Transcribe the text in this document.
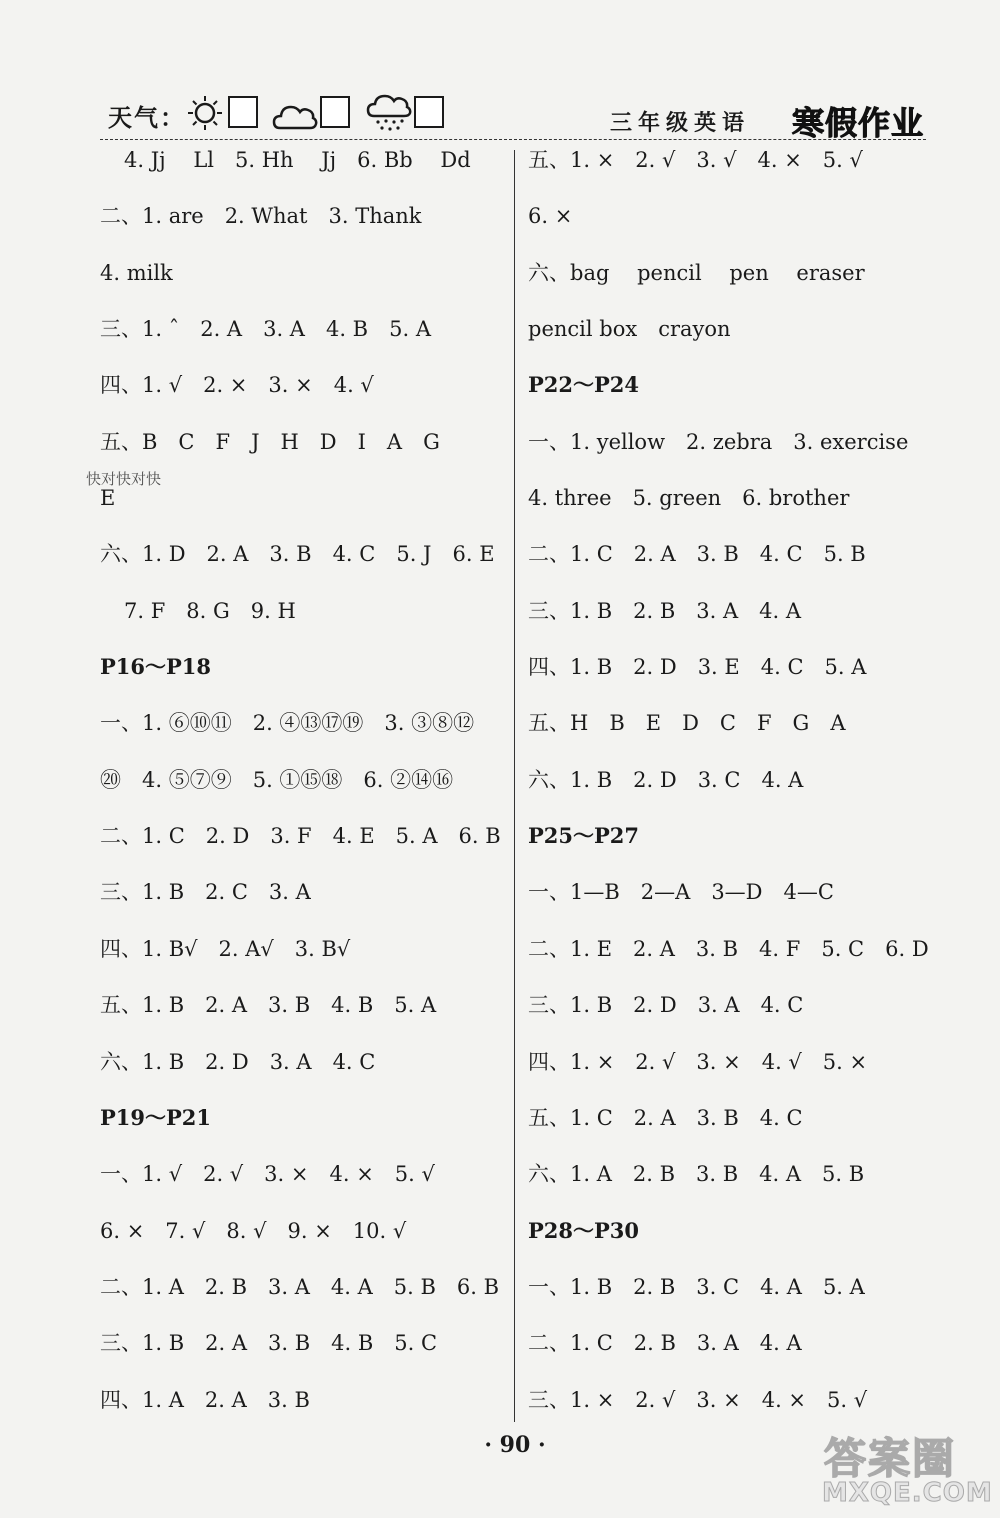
天气：	三年级英语 寒假作业
4. Jj　 Ll　5. Hh　 Jj　6. Bb　 Dd
二、1. are　2. What　3. Thank
4. milk
三、1. ˆ　2. A　3. A　4. B　5. A
四、1. √　2. ×　3. ×　4. √
五、B　C　F　J　H　D　I　A　G
E
六、1. D　2. A　3. B　4. C　5. J　6. E
7. F　8. G　9. H
P16～P18
一、1. ⑥⑩⑪　2. ④⑬⑰⑲　3. ③⑧⑫
⑳　4. ⑤⑦⑨　5. ①⑮⑱　6. ②⑭⑯
二、1. C　2. D　3. F　4. E　5. A　6. B
三、1. B　2. C　3. A
四、1. B√　2. A√　3. B√
五、1. B　2. A　3. B　4. B　5. A
六、1. B　2. D　3. A　4. C
P19～P21
一、1. √　2. √　3. ×　4. ×　5. √
6. ×　7. √　8. √　9. ×　10. √
二、1. A　2. B　3. A　4. A　5. B　6. B
三、1. B　2. A　3. B　4. B　5. C
四、1. A　2. A　3. B
快对快对快
五、1. ×　2. √　3. √　4. ×　5. √
6. ×
六、bag　 pencil　 pen　 eraser
pencil box　crayon
P22～P24
一、1. yellow　2. zebra　3. exercise
4. three　5. green　6. brother
二、1. C　2. A　3. B　4. C　5. B
三、1. B　2. B　3. A　4. A
四、1. B　2. D　3. E　4. C　5. A
五、H　B　E　D　C　F　G　A
六、1. B　2. D　3. C　4. A
P25～P27
一、1—B　2—A　3—D　4—C
二、1. E　2. A　3. B　4. F　5. C　6. D
三、1. B　2. D　3. A　4. C
四、1. ×　2. √　3. ×　4. √　5. ×
五、1. C　2. A　3. B　4. C
六、1. A　2. B　3. B　4. A　5. B
P28～P30
一、1. B　2. B　3. C　4. A　5. A
二、1. C　2. B　3. A　4. A
三、1. ×　2. √　3. ×　4. ×　5. √
· 90 ·	答案圈
MXQE.COM
